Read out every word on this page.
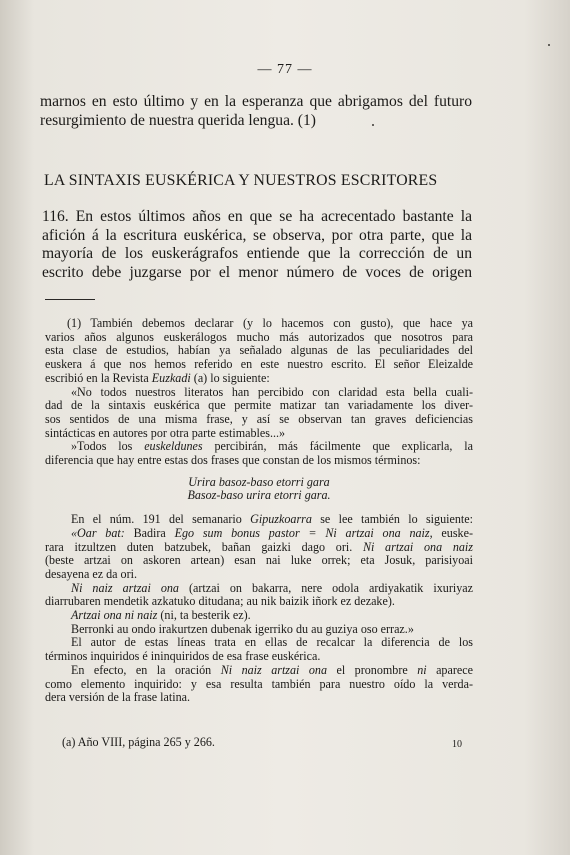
— 77 —
marnos en esto último y en la esperanza que abrigamos del futuro
resurgimiento de nuestra querida lengua. (1)
LA SINTAXIS EUSKÉRICA Y NUESTROS ESCRITORES
116. En estos últimos años en que se ha acrecentado bastante la
afición á la escritura euskérica, se observa, por otra parte, que la
mayoría de los euskerágrafos entiende que la corrección de un
escrito debe juzgarse por el menor número de voces de origen

(1) También debemos declarar (y lo hacemos con gusto), que hace ya

varios años algunos euskerálogos mucho más autorizados que nosotros para

esta clase de estudios, habían ya señalado algunas de las peculiaridades del

euskera á que nos hemos referido en este nuestro escrito. El señor Eleizalde

escribió en la Revista Euzkadi (a) lo siguiente:

«No todos nuestros literatos han percibido con claridad esta bella cuali-

dad de la sintaxis euskérica que permite matizar tan variadamente los diver-

sos sentidos de una misma frase, y así se observan tan graves deficiencias

sintácticas en autores por otra parte estimables...»

»Todos los euskeldunes percibirán, más fácilmente que explicarla, la

diferencia que hay entre estas dos frases que constan de los mismos términos:

Urira basoz-baso etorri gara

Basoz-baso urira etorri gara.

En el núm. 191 del semanario Gipuzkoarra se lee también lo siguiente:

«Oar bat: Badira Ego sum bonus pastor = Ni artzai ona naiz, euske-

rara itzultzen duten batzubek, bañan gaizki dago ori. Ni artzai ona naiz

(beste artzai on askoren artean) esan nai luke orrek; eta Josuk, parisiyoai

desayena ez da ori.

Ni naiz artzai ona (artzai on bakarra, nere odola ardiyakatik ixuriyaz

diarrubaren mendetik azkatuko ditudana; au nik baizik iñork ez dezake).

Artzai ona ni naiz (ni, ta besterik ez).

Berronki au ondo irakurtzen dubenak igerriko du au guziya oso erraz.»

El autor de estas líneas trata en ellas de recalcar la diferencia de los

términos inquiridos é ininquiridos de esa frase euskérica.

En efecto, en la oración Ni naiz artzai ona el pronombre ni aparece

como elemento inquirido: y esa resulta también para nuestro oído la verda-

dera versión de la frase latina.

(a) Año VIII, página 265 y 266.	10
